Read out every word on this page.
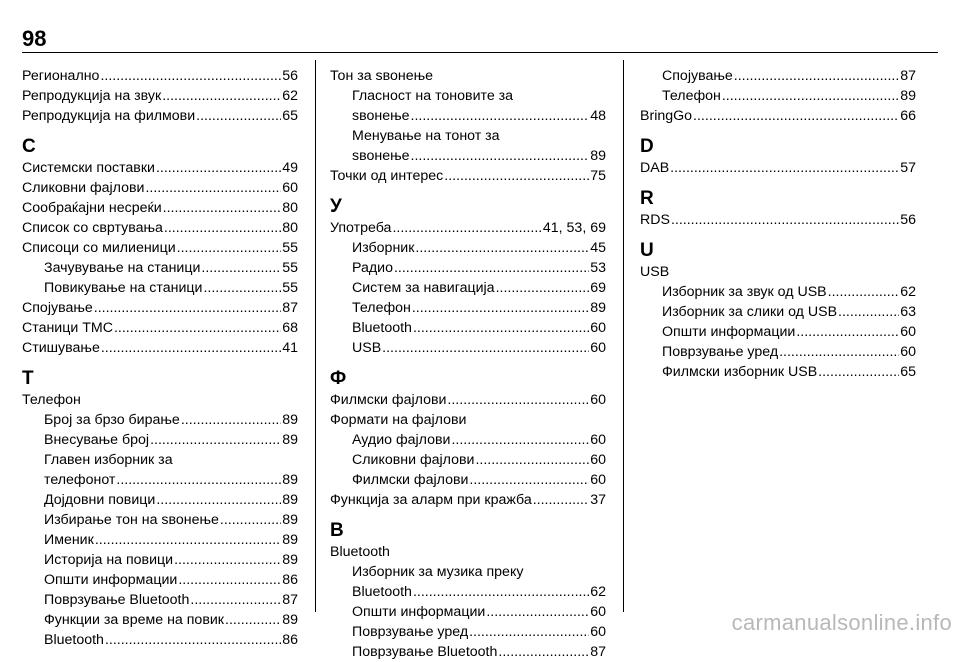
98
Регионално .....	56
Репродукција на звук .....	62
Репродукција на филмови .....	65
С
Системски поставки .....	49
Сликовни фајлови .....	60
Сообраќајни несреќи .....	80
Список со свртувања .....	80
Списоци со милиеници .....	55
Зачувување на станици .....	55
Повикување на станици .....	55
Спојување .....	87
Станици TMC .....	68
Стишување .....	41
Т
Телефон
Број за брзо бирање .....	89
Внесување број .....	89
Главен изборник за
телефонот .....	89
Дојдовни повици .....	89
Избирање тон на ѕвонење .....	89
Именик .....	89
Историја на повици .....	89
Општи информации .....	86
Поврзување Bluetooth .....	87
Функции за време на повик .....	89
Bluetooth .....	86
Тон за ѕвонење
Гласност на тоновите за
ѕвонење .....	48
Менување на тонот за
ѕвонење .....	89
Точки од интерес .....	75
У
Употреба .....	41, 53, 69
Изборник .....	45
Радио .....	53
Систем за навигација .....	69
Телефон .....	89
Bluetooth .....	60
USB .....	60
Ф
Филмски фајлови .....	60
Формати на фајлови
Аудио фајлови .....	60
Сликовни фајлови .....	60
Филмски фајлови .....	60
Функција за аларм при кражба .....	37
B
Bluetooth
Изборник за музика преку
Bluetooth .....	62
Општи информации .....	60
Поврзување уред .....	60
Поврзување Bluetooth .....	87
Спојување .....	87
Телефон .....	89
BringGo .....	66
D
DAB .....	57
R
RDS .....	56
U
USB
Изборник за звук од USB .....	62
Изборник за слики од USB .....	63
Општи информации .....	60
Поврзување уред .....	60
Филмски изборник USB .....	65
carmanualsonline.info
